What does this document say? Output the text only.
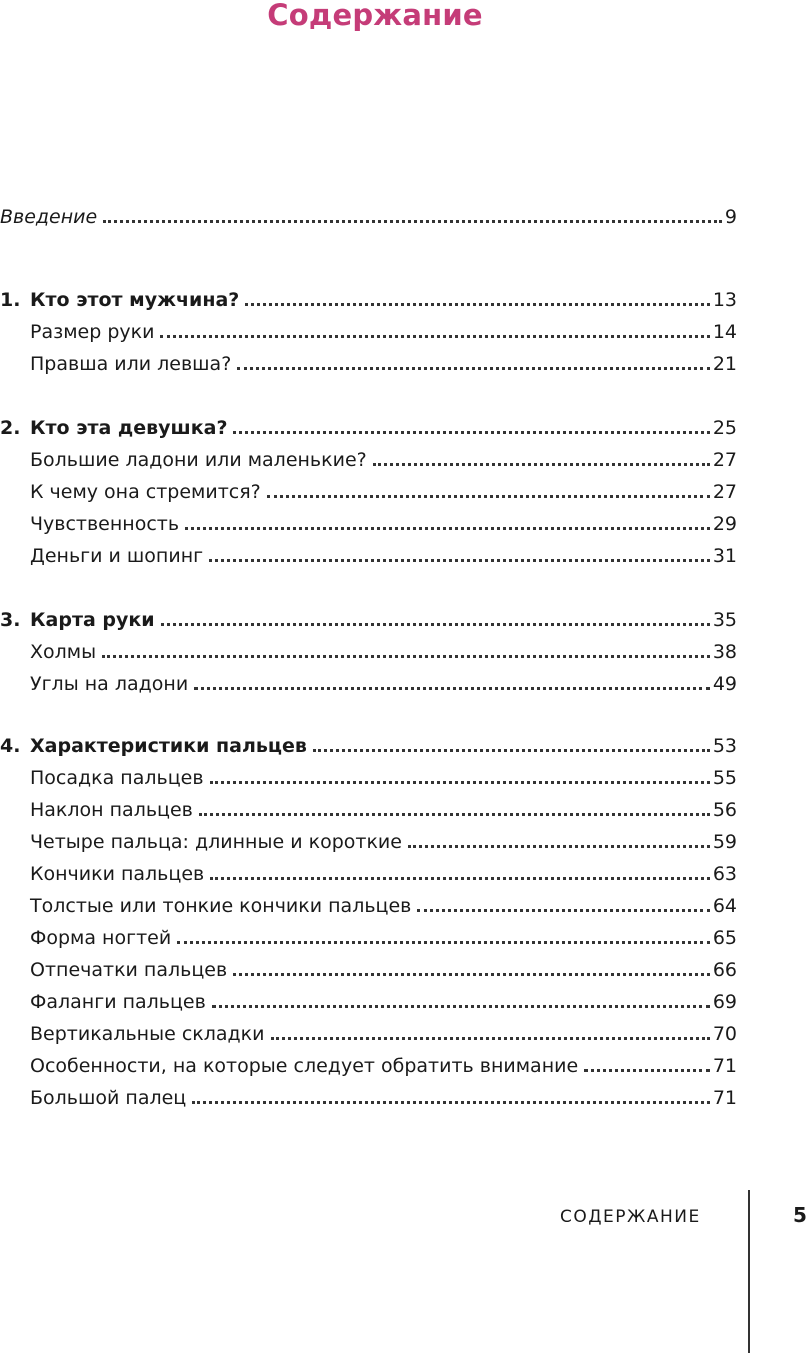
Содержание
Введение	9
1. Кто этот мужчина?	13
Размер руки	14
Правша или левша?	21
2. Кто эта девушка?	25
Большие ладони или маленькие?	27
К чему она стремится?	27
Чувственность	29
Деньги и шопинг	31
3. Карта руки	35
Холмы	38
Углы на ладони	49
4. Характеристики пальцев	53
Посадка пальцев	55
Наклон пальцев	56
Четыре пальца: длинные и короткие	59
Кончики пальцев	63
Толстые или тонкие кончики пальцев	64
Форма ногтей	65
Отпечатки пальцев	66
Фаланги пальцев	69
Вертикальные складки	70
Особенности, на которые следует обратить внимание	71
Большой палец	71
СОДЕРЖАНИЕ	5
